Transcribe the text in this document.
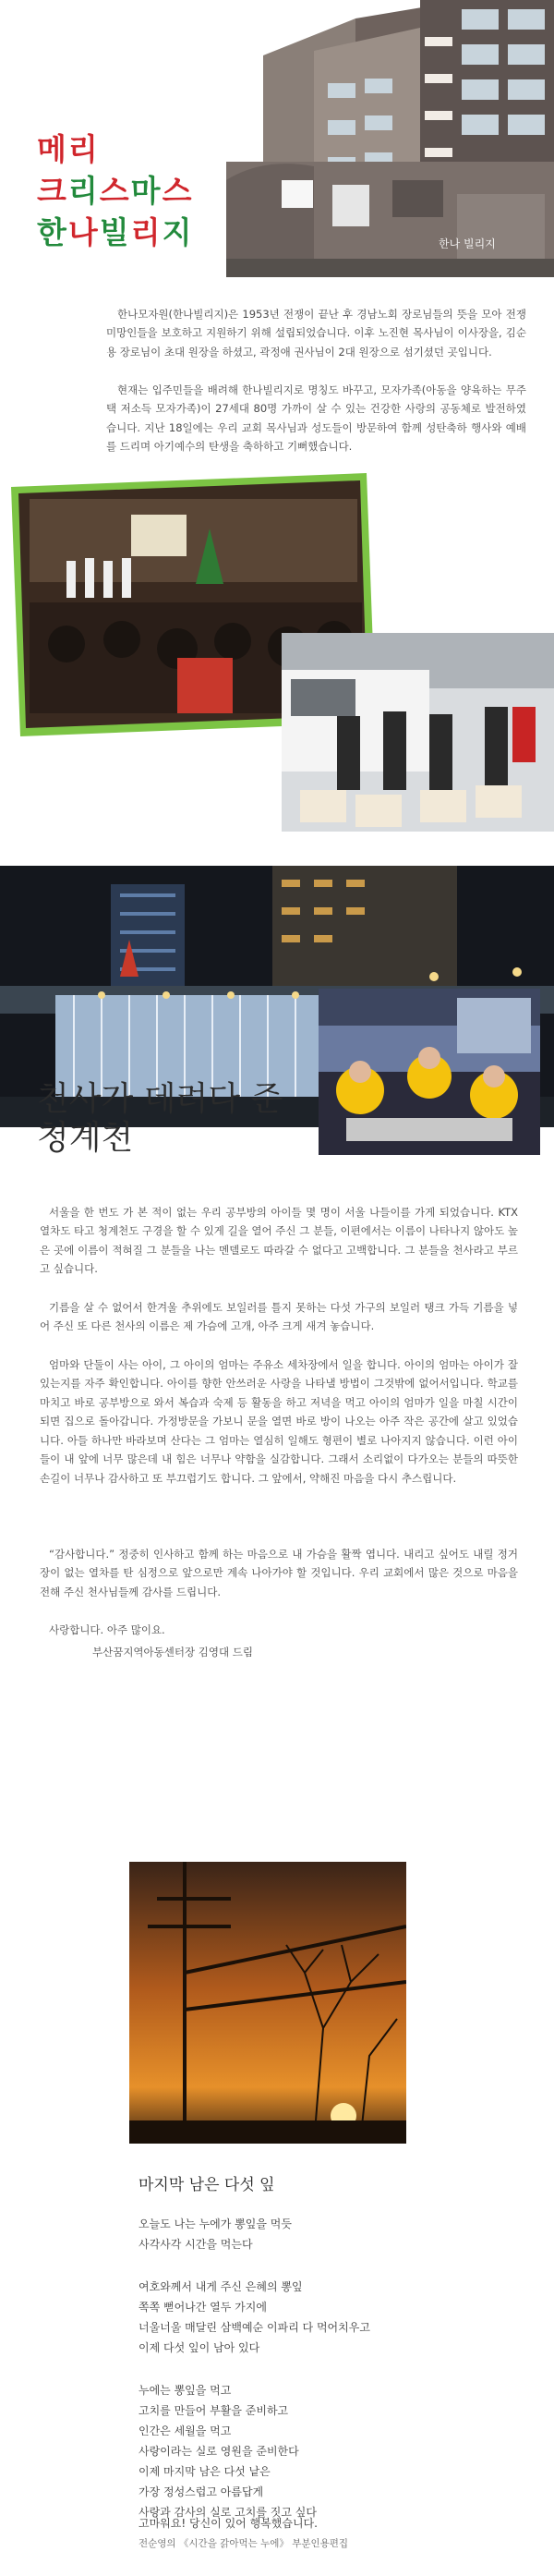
한나 빌리지
메리
크리스마스
한나빌리지

한나모자원(한나빌리지)은 1953년 전쟁이 끝난 후 경남노회 장로님들의 뜻을 모아 전쟁 미망인들을 보호하고 지원하기 위해 설립되었습니다. 이후 노진현 목사님이 이사장을, 김순용 장로님이 초대 원장을 하셨고, 곽정애 권사님이 2대 원장으로 섬기셨던 곳입니다.

현재는 입주민들을 배려해 한나빌리지로 명칭도 바꾸고, 모자가족(아동을 양육하는 무주택 저소득 모자가족)이 27세대 80명 가까이 살 수 있는 건강한 사랑의 공동체로 발전하였습니다. 지난 18일에는 우리 교회 목사님과 성도들이 방문하여 함께 성탄축하 행사와 예배를 드리며 아기예수의 탄생을 축하하고 기뻐했습니다.

천사가 데려다 준
청계천

서울을 한 번도 가 본 적이 없는 우리 공부방의 아이들 몇 명이 서울 나들이를 가게 되었습니다. KTX 열차도 타고 청계천도 구경을 할 수 있게 길을 열어 주신 그 분들, 이편에서는 이름이 나타나지 않아도 높은 곳에 이름이 적혀질 그 분들을 나는 멘델로도 따라갈 수 없다고 고백합니다. 그 분들을 천사라고 부르고 싶습니다.

기름을 살 수 없어서 한겨울 추위에도 보일러를 틀지 못하는 다섯 가구의 보일러 탱크 가득 기름을 넣어 주신 또 다른 천사의 이름은 제 가슴에 고개, 아주 크게 새겨 놓습니다.

엄마와 단둘이 사는 아이, 그 아이의 엄마는 주유소 세차장에서 일을 합니다. 아이의 엄마는 아이가 잘 있는지를 자주 확인합니다. 아이를 향한 안쓰러운 사랑을 나타낼 방법이 그것밖에 없어서입니다. 학교를 마치고 바로 공부방으로 와서 복습과 숙제 등 활동을 하고 저녁을 먹고 아이의 엄마가 일을 마칠 시간이 되면 집으로 돌아갑니다. 가정방문을 가보니 문을 열면 바로 방이 나오는 아주 작은 공간에 살고 있었습니다. 아들 하나만 바라보며 산다는 그 엄마는 열심히 일해도 형편이 별로 나아지지 않습니다. 이런 아이들이 내 앞에 너무 많은데 내 힘은 너무나 약함을 실감합니다. 그래서 소리없이 다가오는 분들의 따뜻한 손길이 너무나 감사하고 또 부끄럽기도 합니다. 그 앞에서, 약해진 마음을 다시 추스립니다.

“감사합니다.” 정중히 인사하고 함께 하는 마음으로 내 가슴을 활짝 엽니다. 내리고 싶어도 내릴 정거장이 없는 열차를 탄 심정으로 앞으로만 계속 나아가야 할 것입니다. 우리 교회에서 많은 것으로 마음을 전해 주신 천사님들께 감사를 드립니다.

사랑합니다. 아주 많이요.

부산꿈지역아동센터장 김영대 드림
마지막 남은 다섯 잎
오늘도 나는 누에가 뽕잎을 먹듯
사각사각 시간을 먹는다
여호와께서 내게 주신 은혜의 뽕잎
쪽쪽 뻗어나간 열두 가지에
너울너울 매달린 삼백예순 이파리 다 먹어치우고
이제 다섯 잎이 남아 있다
누에는 뽕잎을 먹고
고치를 만들어 부활을 준비하고
인간은 세월을 먹고
사랑이라는 실로 영원을 준비한다
이제 마지막 남은 다섯 낱은
가장 정성스럽고 아름답게
사랑과 감사의 실로 고치를 짓고 싶다
고마워요! 당신이 있어 행복했습니다.
전순영의 《시간을 갉아먹는 누에》 부분인용편집
